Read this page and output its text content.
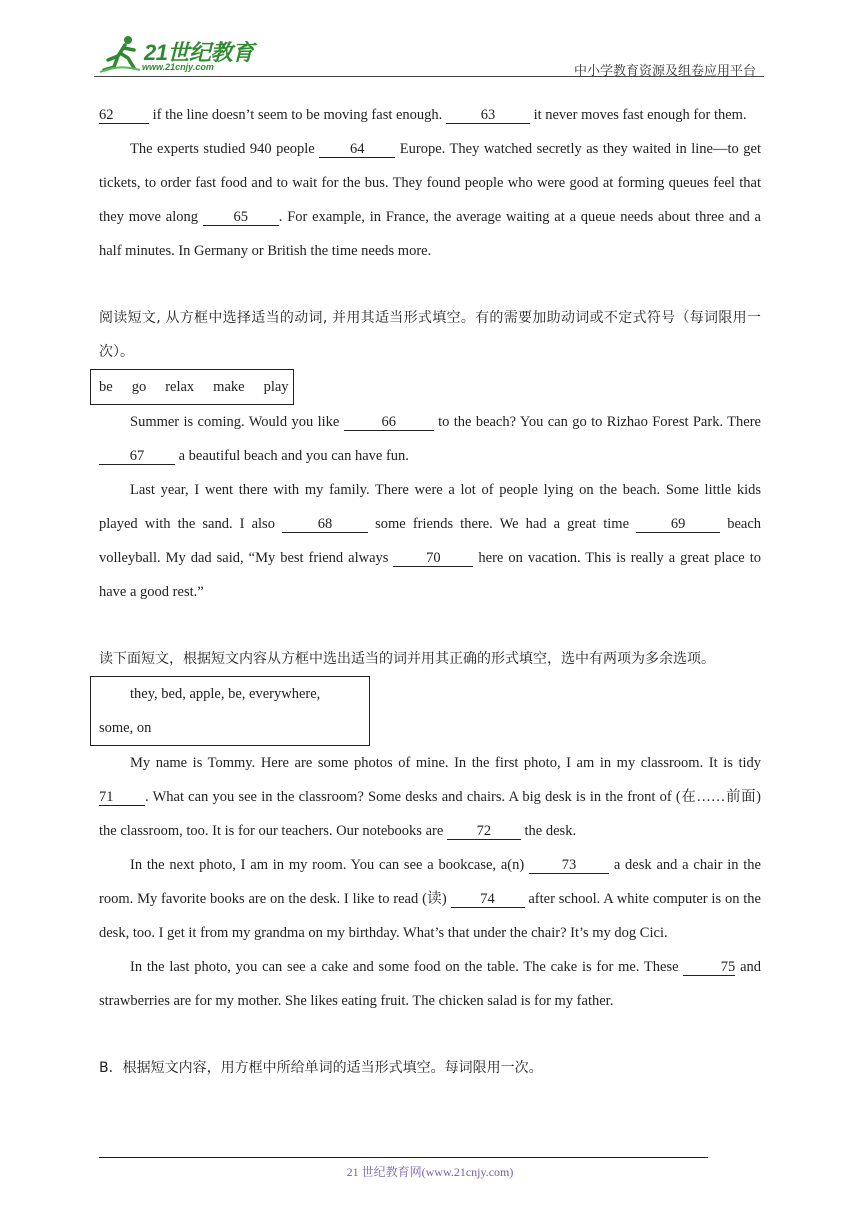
21世纪教育
www.21cnjy.com	中小学教育资源及组卷应用平台

62 if the line doesn’t seem to be moving fast enough. 63 it never moves fast enough for them.

The experts studied 940 people 64 Europe. They watched secretly as they waited in line—to get tickets, to order fast food and to wait for the bus. They found people who were good at forming queues feel that they move along 65 . For example, in France, the average waiting at a queue needs about three and a half minutes. In Germany or British the time needs more.

阅读短文, 从方框中选择适当的动词, 并用其适当形式填空。有的需要加助动词或不定式符号（每词限用一次）。

be go relax make play

Summer is coming. Would you like	66	to the beach? You can go to Rizhao Forest Park. There 67 a beautiful beach and you can have fun.

Last year, I went there with my family. There were a lot of people lying on the beach. Some little kids played with the sand. I also 68 some friends there. We had a great time 69 beach volleyball. My dad said, “My best friend always 70 here on vacation. This is really a great place to have a good rest.”

读下面短文，根据短文内容从方框中选出适当的词并用其正确的形式填空，选中有两项为多余选项。

they, bed, apple, be, everywhere,
some, on

My name is Tommy. Here are some photos of mine. In the first photo, I am in my classroom. It is tidy 71 . What can you see in the classroom? Some desks and chairs. A big desk is in the front of (在……前面) the classroom, too. It is for our teachers. Our notebooks are 72 the desk.

In the next photo, I am in my room. You can see a bookcase, a(n) 73 a desk and a chair in the room. My favorite books are on the desk. I like to read (读) 74 after school. A white computer is on the desk, too. I get it from my grandma on my birthday. What’s that under the chair? It’s my dog Cici.

In the last photo, you can see a cake and some food on the table. The cake is for me. These	75 and strawberries are for my mother. She likes eating fruit. The chicken salad is for my father.

B．根据短文内容，用方框中所给单词的适当形式填空。每词限用一次。

21 世纪教育网(www.21cnjy.com)
